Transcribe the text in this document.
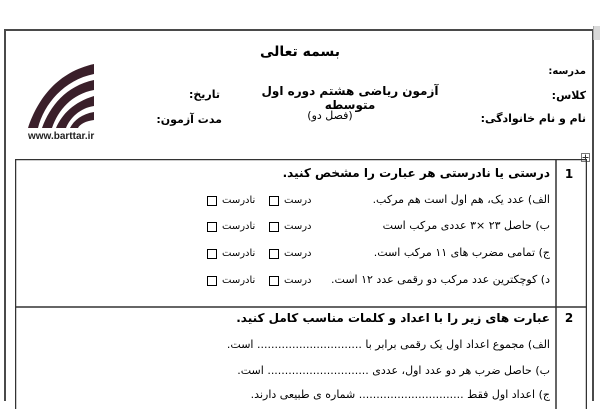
بسمه تعالی
مدرسه:
کلاس:
نام و نام خانوادگی:
آزمون ریاضی هشتم دوره اول متوسطه
(فصل دو)
تاریخ:
مدت آزمون:
www.barttar.ir
1
2
درستی یا نادرستی هر عبارت را مشخص کنید.
الف) عدد یک، هم اول است هم مرکب.
ب) حاصل ۲۳ ×۳ عددی مرکب است
ج) تمامی مضرب های ۱۱ مرکب است.
د) کوچکترین عدد مرکب دو رقمی عدد ۱۲ است.
درست
نادرست
درست
نادرست
درست
نادرست
درست
نادرست
عبارت های زیر را با اعداد و کلمات مناسب کامل کنید.
الف) مجموع اعداد اول یک رقمی برابر با .............................. است.
ب) حاصل ضرب هر دو عدد اول، عددی ............................. است.
ج) اعداد اول فقط .............................. شماره ی طبیعی دارند.
